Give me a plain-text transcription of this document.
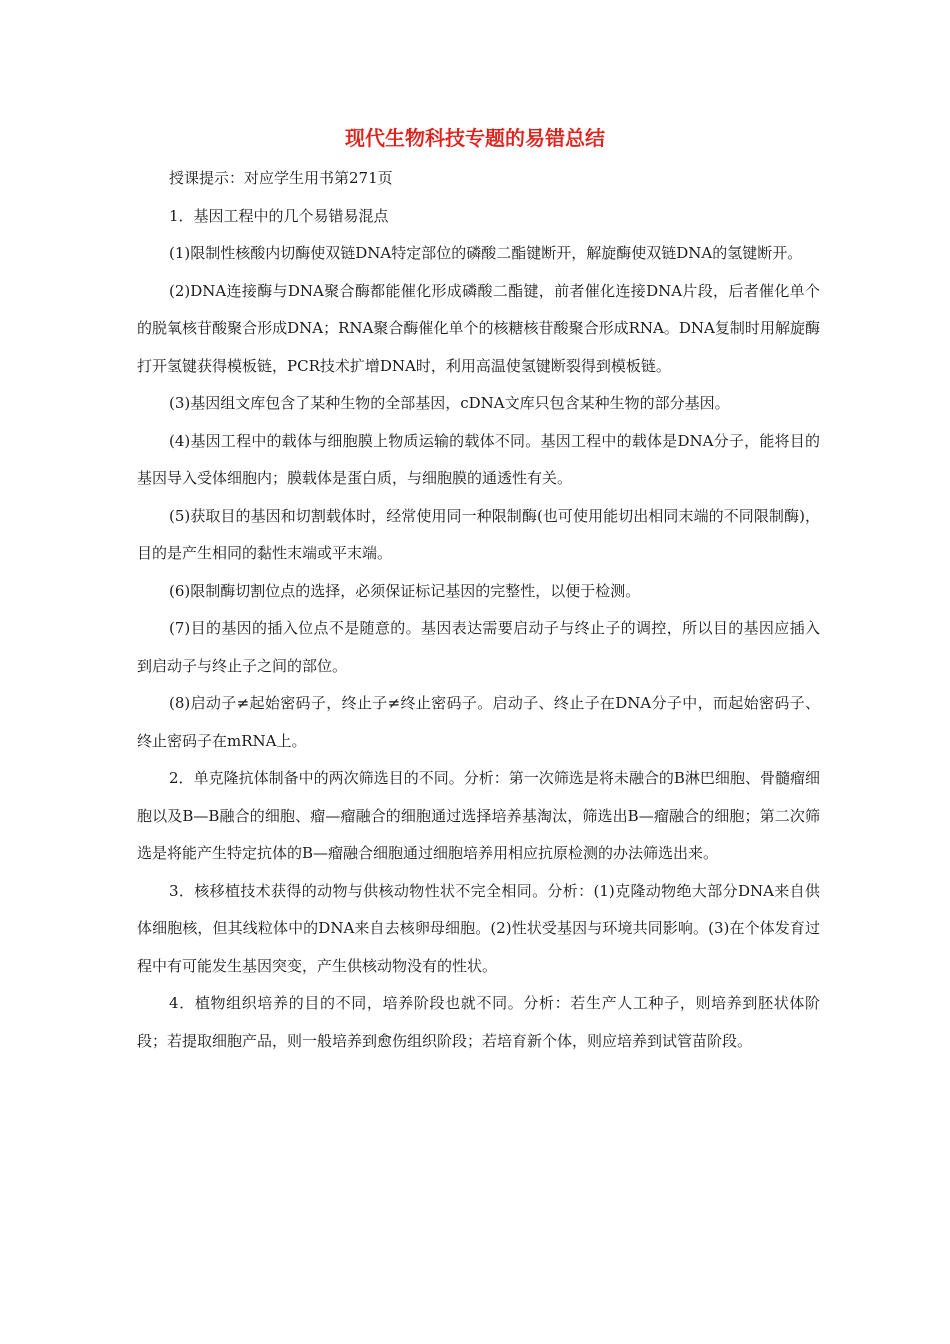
现代生物科技专题的易错总结

授课提示：对应学生用书第271页

1．基因工程中的几个易错易混点

(1)限制性核酸内切酶使双链DNA特定部位的磷酸二酯键断开，解旋酶使双链DNA的氢键断开。

(2)DNA连接酶与DNA聚合酶都能催化形成磷酸二酯键，前者催化连接DNA片段，后者催化单个的脱氧核苷酸聚合形成DNA；RNA聚合酶催化单个的核糖核苷酸聚合形成RNA。DNA复制时用解旋酶打开氢键获得模板链，PCR技术扩增DNA时，利用高温使氢键断裂得到模板链。

(3)基因组文库包含了某种生物的全部基因，cDNA文库只包含某种生物的部分基因。

(4)基因工程中的载体与细胞膜上物质运输的载体不同。基因工程中的载体是DNA分子，能将目的基因导入受体细胞内；膜载体是蛋白质，与细胞膜的通透性有关。

(5)获取目的基因和切割载体时，经常使用同一种限制酶(也可使用能切出相同末端的不同限制酶)，目的是产生相同的黏性末端或平末端。

(6)限制酶切割位点的选择，必须保证标记基因的完整性，以便于检测。

(7)目的基因的插入位点不是随意的。基因表达需要启动子与终止子的调控，所以目的基因应插入到启动子与终止子之间的部位。

(8)启动子≠起始密码子，终止子≠终止密码子。启动子、终止子在DNA分子中，而起始密码子、终止密码子在mRNA上。

2．单克隆抗体制备中的两次筛选目的不同。分析：第一次筛选是将未融合的B淋巴细胞、骨髓瘤细胞以及B—B融合的细胞、瘤—瘤融合的细胞通过选择培养基淘汰，筛选出B—瘤融合的细胞；第二次筛选是将能产生特定抗体的B—瘤融合细胞通过细胞培养用相应抗原检测的办法筛选出来。

3．核移植技术获得的动物与供核动物性状不完全相同。分析：(1)克隆动物绝大部分DNA来自供体细胞核，但其线粒体中的DNA来自去核卵母细胞。(2)性状受基因与环境共同影响。(3)在个体发育过程中有可能发生基因突变，产生供核动物没有的性状。

4．植物组织培养的目的不同，培养阶段也就不同。分析：若生产人工种子，则培养到胚状体阶段；若提取细胞产品，则一般培养到愈伤组织阶段；若培育新个体，则应培养到试管苗阶段。
